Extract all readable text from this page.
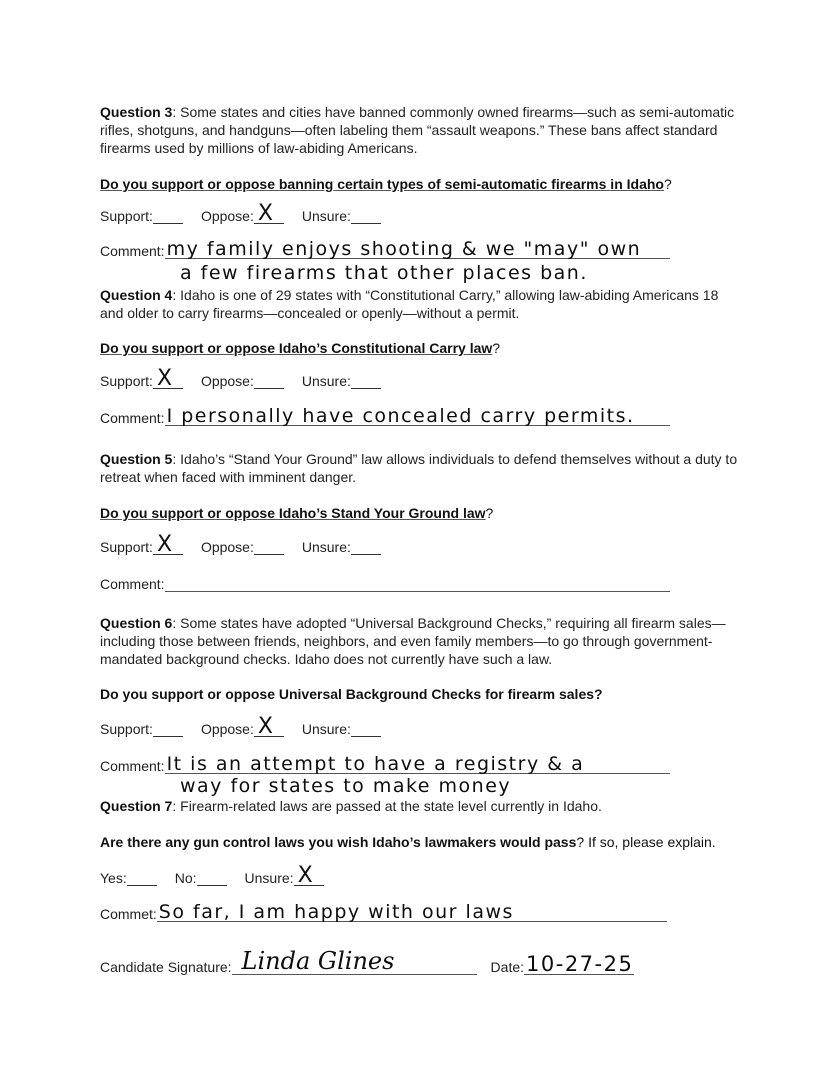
Question 3: Some states and cities have banned commonly owned firearms—such as semi-automatic rifles, shotguns, and handguns—often labeling them “assault weapons.” These bans affect standard firearms used by millions of law-abiding Americans.
Do you support or oppose banning certain types of semi-automatic firearms in Idaho?
Support:	Oppose: X Unsure:
Comment: my family enjoys shooting & we "may" own
a few firearms that other places ban.
Question 4: Idaho is one of 29 states with “Constitutional Carry,” allowing law-abiding Americans 18 and older to carry firearms—concealed or openly—without a permit.
Do you support or oppose Idaho’s Constitutional Carry law?
Support: X Oppose:	Unsure:
Comment: I personally have concealed carry permits.
Question 5: Idaho’s “Stand Your Ground” law allows individuals to defend themselves without a duty to retreat when faced with imminent danger.
Do you support or oppose Idaho’s Stand Your Ground law?
Support: X Oppose:	Unsure:
Comment:
Question 6: Some states have adopted “Universal Background Checks,” requiring all firearm sales—including those between friends, neighbors, and even family members—to go through government-mandated background checks. Idaho does not currently have such a law.
Do you support or oppose Universal Background Checks for firearm sales?
Support:	Oppose: X Unsure:
Comment: It is an attempt to have a registry & a
way for states to make money
Question 7: Firearm-related laws are passed at the state level currently in Idaho.
Are there any gun control laws you wish Idaho’s lawmakers would pass? If so, please explain.
Yes:	No:	Unsure: X
Commet: So far, I am happy with our laws
Candidate Signature: Linda Glines	Date: 10-27-25
